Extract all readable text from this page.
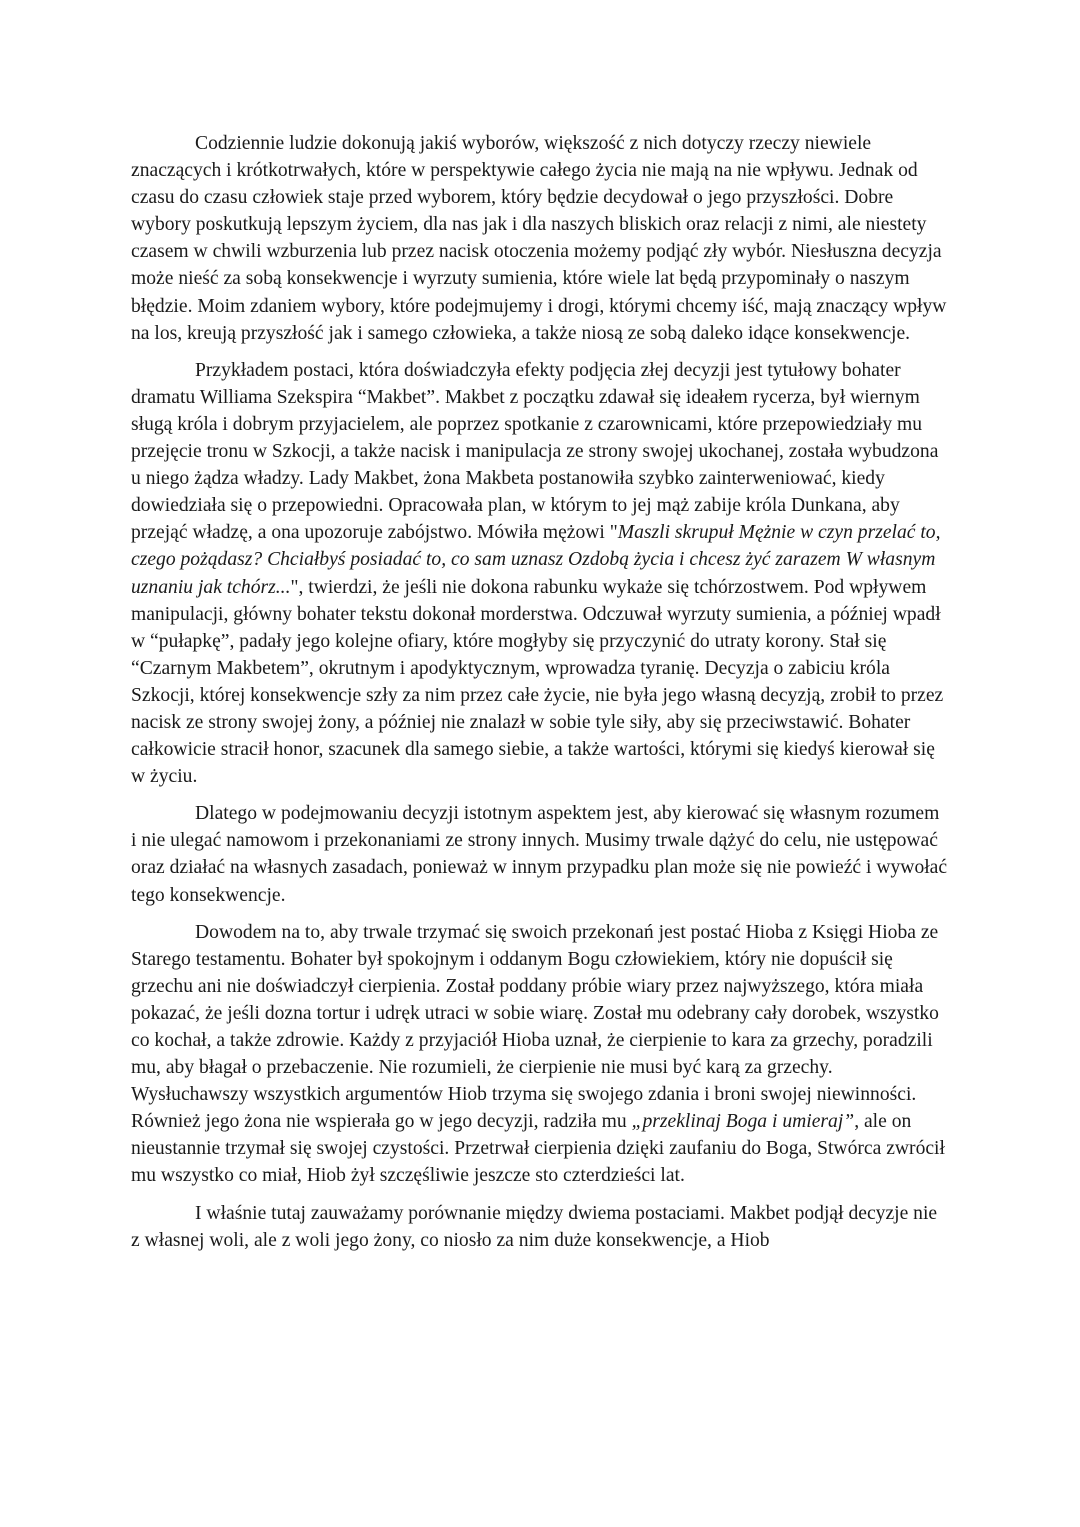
Codziennie ludzie dokonują jakiś wyborów, większość z nich dotyczy rzeczy niewiele znaczących i krótkotrwałych, które w perspektywie całego życia nie mają na nie wpływu. Jednak od czasu do czasu człowiek staje przed wyborem, który będzie decydował o jego przyszłości. Dobre wybory poskutkują lepszym życiem, dla nas jak i dla naszych bliskich oraz relacji z nimi, ale niestety czasem w chwili wzburzenia lub przez nacisk otoczenia możemy podjąć zły wybór. Niesłuszna decyzja może nieść za sobą konsekwencje i wyrzuty sumienia, które wiele lat będą przypominały o naszym błędzie. Moim zdaniem wybory, które podejmujemy i drogi, którymi chcemy iść, mają znaczący wpływ na los, kreują przyszłość jak i samego człowieka, a także niosą ze sobą daleko idące konsekwencje.

Przykładem postaci, która doświadczyła efekty podjęcia złej decyzji jest tytułowy bohater dramatu Williama Szekspira “Makbet”. Makbet z początku zdawał się ideałem rycerza, był wiernym sługą króla i dobrym przyjacielem, ale poprzez spotkanie z czarownicami, które przepowiedziały mu przejęcie tronu w Szkocji, a także nacisk i manipulacja ze strony swojej ukochanej, została wybudzona u niego żądza władzy. Lady Makbet, żona Makbeta postanowiła szybko zainterweniować, kiedy dowiedziała się o przepowiedni. Opracowała plan, w którym to jej mąż zabije króla Dunkana, aby przejąć władzę, a ona upozoruje zabójstwo. Mówiła mężowi "Maszli skrupuł Mężnie w czyn przelać to, czego pożądasz? Chciałbyś posiadać to, co sam uznasz Ozdobą życia i chcesz żyć zarazem W własnym uznaniu jak tchórz...", twierdzi, że jeśli nie dokona rabunku wykaże się tchórzostwem. Pod wpływem manipulacji, główny bohater tekstu dokonał morderstwa. Odczuwał wyrzuty sumienia, a później wpadł w “pułapkę”, padały jego kolejne ofiary, które mogłyby się przyczynić do utraty korony. Stał się “Czarnym Makbetem”, okrutnym i apodyktycznym, wprowadza tyranię. Decyzja o zabiciu króla Szkocji, której konsekwencje szły za nim przez całe życie, nie była jego własną decyzją, zrobił to przez nacisk ze strony swojej żony, a później nie znalazł w sobie tyle siły, aby się przeciwstawić. Bohater całkowicie stracił honor, szacunek dla samego siebie, a także wartości, którymi się kiedyś kierował się w życiu.

Dlatego w podejmowaniu decyzji istotnym aspektem jest, aby kierować się własnym rozumem i nie ulegać namowom i przekonaniami ze strony innych. Musimy trwale dążyć do celu, nie ustępować oraz działać na własnych zasadach, ponieważ w innym przypadku plan może się nie powieźć i wywołać tego konsekwencje.

Dowodem na to, aby trwale trzymać się swoich przekonań jest postać Hioba z Księgi Hioba ze Starego testamentu. Bohater był spokojnym i oddanym Bogu człowiekiem, który nie dopuścił się grzechu ani nie doświadczył cierpienia. Został poddany próbie wiary przez najwyższego, która miała pokazać, że jeśli dozna tortur i udręk utraci w sobie wiarę. Został mu odebrany cały dorobek, wszystko co kochał, a także zdrowie. Każdy z przyjaciół Hioba uznał, że cierpienie to kara za grzechy, poradzili mu, aby błagał o przebaczenie. Nie rozumieli, że cierpienie nie musi być karą za grzechy. Wysłuchawszy wszystkich argumentów Hiob trzyma się swojego zdania i broni swojej niewinności. Również jego żona nie wspierała go w jego decyzji, radziła mu „przeklinaj Boga i umieraj”, ale on nieustannie trzymał się swojej czystości. Przetrwał cierpienia dzięki zaufaniu do Boga, Stwórca zwrócił mu wszystko co miał, Hiob żył szczęśliwie jeszcze sto czterdzieści lat.

I właśnie tutaj zauważamy porównanie między dwiema postaciami. Makbet podjął decyzje nie z własnej woli, ale z woli jego żony, co niosło za nim duże konsekwencje, a Hiob
